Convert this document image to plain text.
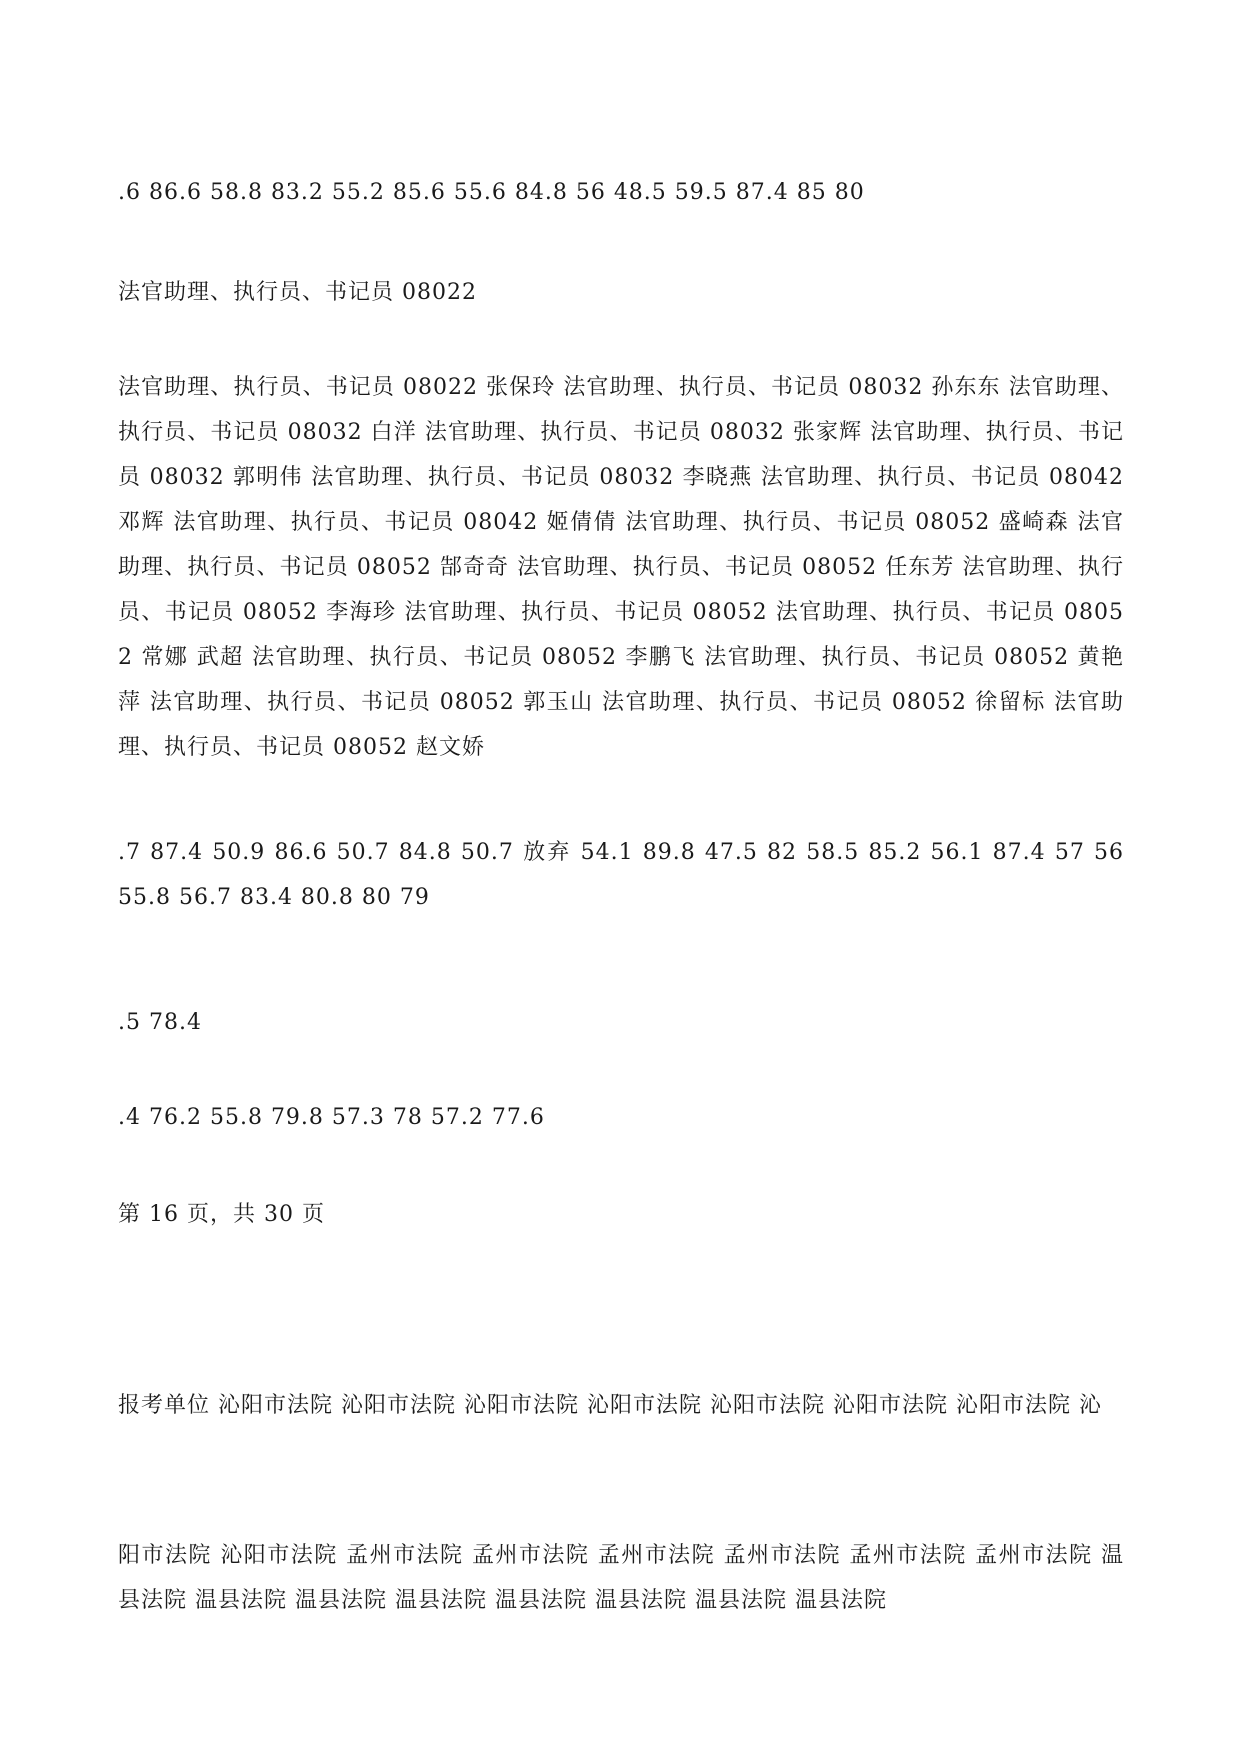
.6 86.6 58.8 83.2 55.2 85.6 55.6 84.8 56 48.5 59.5 87.4 85 80

法官助理、执行员、书记员 08022

法官助理、执行员、书记员 08022 张保玲 法官助理、执行员、书记员 08032 孙东东 法官助理、执行员、书记员 08032 白洋 法官助理、执行员、书记员 08032 张家辉 法官助理、执行员、书记员 08032 郭明伟 法官助理、执行员、书记员 08032 李晓燕 法官助理、执行员、书记员 08042 邓辉 法官助理、执行员、书记员 08042 姬倩倩 法官助理、执行员、书记员 08052 盛崎森 法官助理、执行员、书记员 08052 郜奇奇 法官助理、执行员、书记员 08052 任东芳 法官助理、执行员、书记员 08052 李海珍 法官助理、执行员、书记员 08052 法官助理、执行员、书记员 08052 常娜 武超 法官助理、执行员、书记员 08052 李鹏飞 法官助理、执行员、书记员 08052 黄艳萍 法官助理、执行员、书记员 08052 郭玉山 法官助理、执行员、书记员 08052 徐留标 法官助理、执行员、书记员 08052 赵文娇

.7 87.4 50.9 86.6 50.7 84.8 50.7 放弃 54.1 89.8 47.5 82 58.5 85.2 56.1 87.4 57 56 55.8 56.7 83.4 80.8 80 79

.5 78.4

.4 76.2 55.8 79.8 57.3 78 57.2 77.6

第 16 页，共 30 页

报考单位 沁阳市法院 沁阳市法院 沁阳市法院 沁阳市法院 沁阳市法院 沁阳市法院 沁阳市法院 沁

阳市法院 沁阳市法院 孟州市法院 孟州市法院 孟州市法院 孟州市法院 孟州市法院 孟州市法院 温县法院 温县法院 温县法院 温县法院 温县法院 温县法院 温县法院 温县法院
